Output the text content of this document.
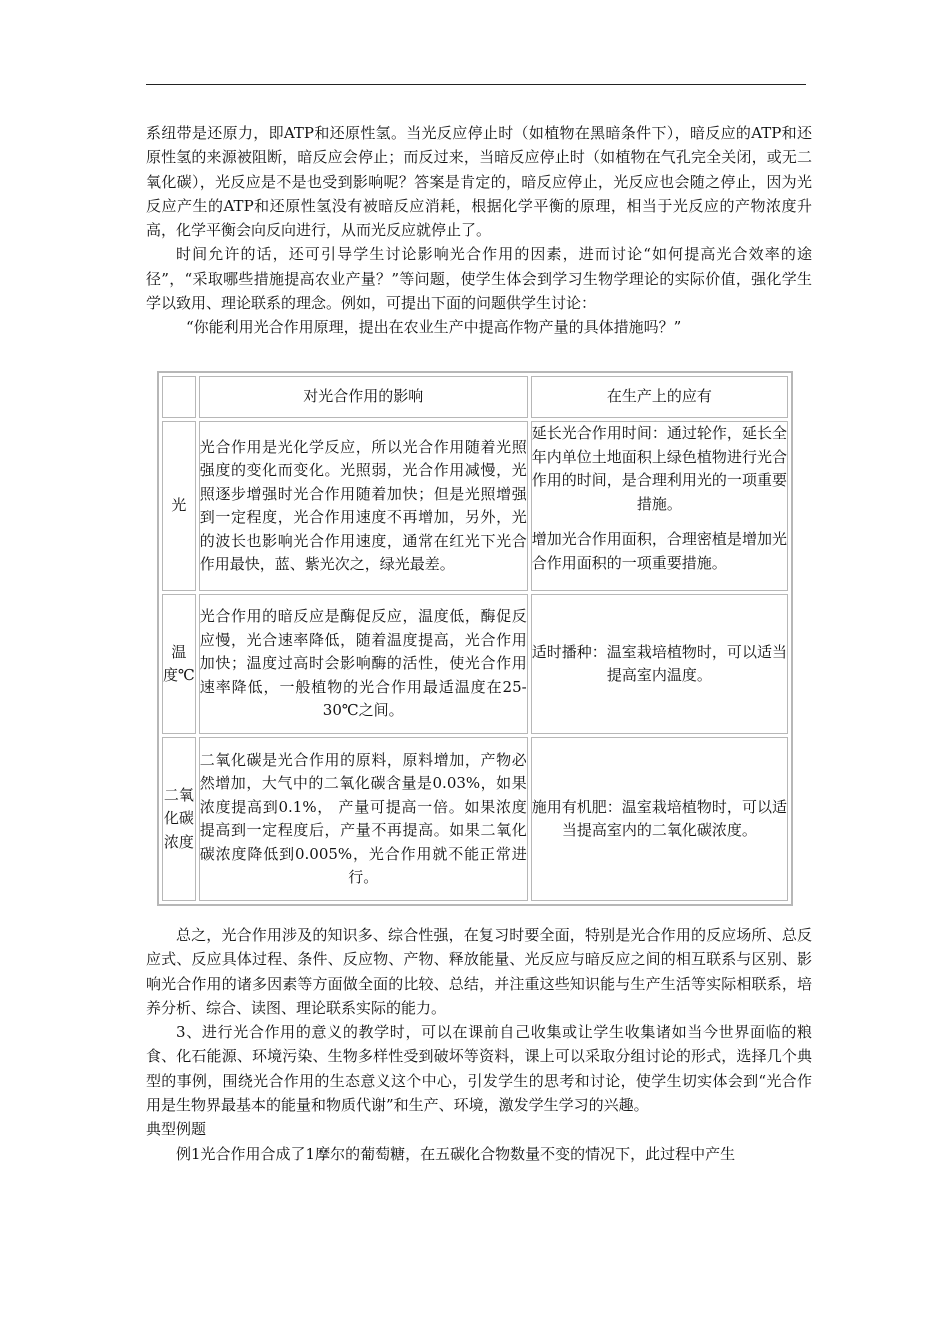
系纽带是还原力，即ATP和还原性氢。当光反应停止时（如植物在黑暗条件下），暗反应的ATP和还原性氢的来源被阻断，暗反应会停止；而反过来，当暗反应停止时（如植物在气孔完全关闭，或无二氧化碳），光反应是不是也受到影响呢？答案是肯定的，暗反应停止，光反应也会随之停止，因为光反应产生的ATP和还原性氢没有被暗反应消耗，根据化学平衡的原理，相当于光反应的产物浓度升高，化学平衡会向反向进行，从而光反应就停止了。

时间允许的话，还可引导学生讨论影响光合作用的因素，进而讨论“如何提高光合效率的途径”，“采取哪些措施提高农业产量？”等问题，使学生体会到学习生物学理论的实际价值，强化学生学以致用、理论联系的理念。例如，可提出下面的问题供学生讨论：

“你能利用光合作用原理，提出在农业生产中提高作物产量的具体措施吗？”

	对光合作用的影响	在生产上的应有
光	光合作用是光化学反应，所以光合作用随着光照强度的变化而变化。光照弱，光合作用减慢，光照逐步增强时光合作用随着加快；但是光照增强到一定程度，光合作用速度不再增加，另外，光的波长也影响光合作用速度，通常在红光下光合作用最快，蓝、紫光次之，绿光最差。	延长光合作用时间：通过轮作，延长全年内单位土地面积上绿色植物进行光合作用的时间，是合理利用光的一项重要措施。

增加光合作用面积，合理密植是增加光合作用面积的一项重要措施。

温度℃	光合作用的暗反应是酶促反应，温度低，酶促反应慢，光合速率降低，随着温度提高，光合作用加快；温度过高时会影响酶的活性，使光合作用速率降低，一般植物的光合作用最适温度在25-30℃之间。	适时播种：温室栽培植物时，可以适当提高室内温度。
二氧化碳浓度	二氧化碳是光合作用的原料，原料增加，产物必然增加，大气中的二氧化碳含量是0.03%，如果浓度提高到0.1%， 产量可提高一倍。如果浓度提高到一定程度后，产量不再提高。如果二氧化碳浓度降低到0.005%，光合作用就不能正常进行。	施用有机肥：温室栽培植物时，可以适当提高室内的二氧化碳浓度。

总之，光合作用涉及的知识多、综合性强，在复习时要全面，特别是光合作用的反应场所、总反应式、反应具体过程、条件、反应物、产物、释放能量、光反应与暗反应之间的相互联系与区别、影响光合作用的诸多因素等方面做全面的比较、总结，并注重这些知识能与生产生活等实际相联系，培养分析、综合、读图、理论联系实际的能力。

3、进行光合作用的意义的教学时，可以在课前自己收集或让学生收集诸如当今世界面临的粮食、化石能源、环境污染、生物多样性受到破坏等资料，课上可以采取分组讨论的形式，选择几个典型的事例，围绕光合作用的生态意义这个中心，引发学生的思考和讨论，使学生切实体会到“光合作用是生物界最基本的能量和物质代谢”和生产、环境，激发学生学习的兴趣。

典型例题

例1光合作用合成了1摩尔的葡萄糖，在五碳化合物数量不变的情况下，此过程中产生
